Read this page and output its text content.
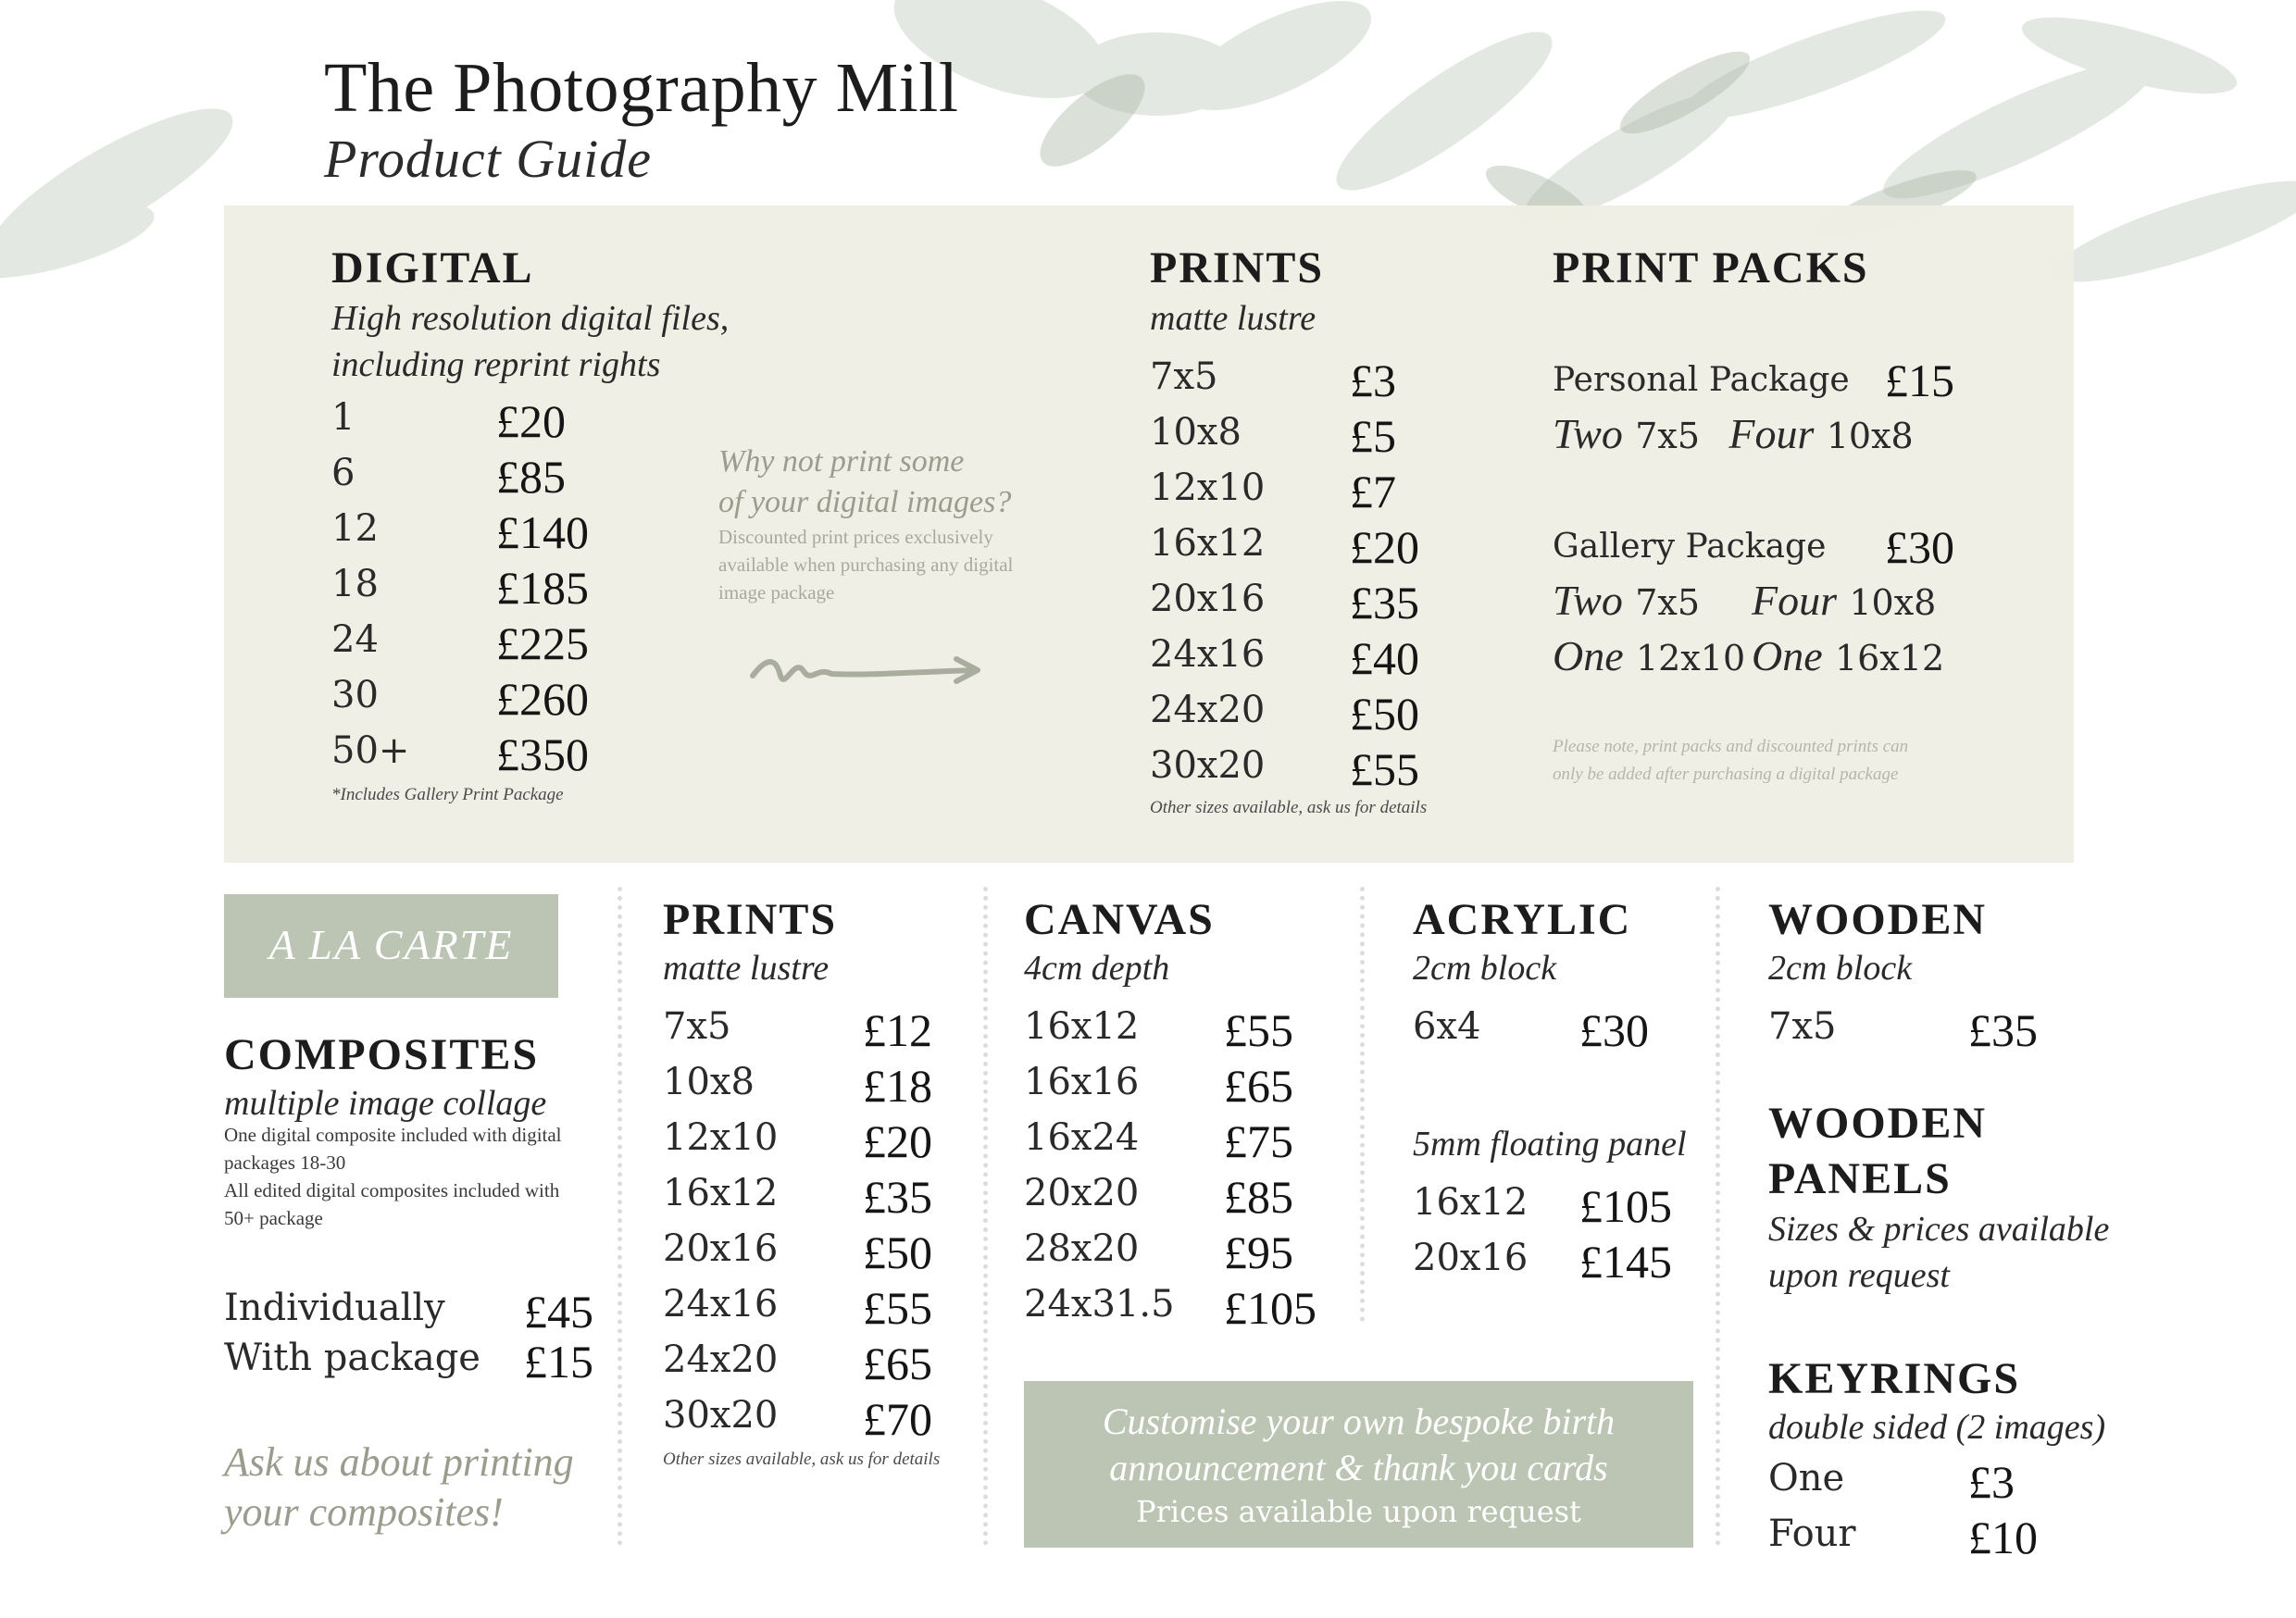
The Photography Mill
Product Guide
DIGITAL
High resolution digital files,
including reprint rights
1	£20
6	£85
12	£140
18	£185
24	£225
30	£260
50+ £350
*Includes Gallery Print Package
Why not print some
of your digital images?
Discounted print prices exclusively
available when purchasing any digital
image package
PRINTS
matte lustre
7x5	£3
10x8 £5
12x10 £7
16x12 £20
20x16 £35
24x16 £40
24x20 £50
30x20 £55
Other sizes available, ask us for details
PRINT PACKS
Personal Package £15
Two 7x5 Four 10x8
Gallery Package £30
Two 7x5 Four 10x8
One 12x10 One 16x12
Please note, print packs and discounted prints can
only be added after purchasing a digital package
A LA CARTE
COMPOSITES
multiple image collage
One digital composite included with digital
packages 18-30
All edited digital composites included with
50+ package
Individually £45
With package £15
Ask us about printing
your composites!
PRINTS
matte lustre
7x5	£12
10x8 £18
12x10 £20
16x12 £35
20x16 £50
24x16 £55
24x20 £65
30x20 £70
Other sizes available, ask us for details
CANVAS
4cm depth
16x12 £55
16x16 £65
16x24 £75
20x20 £85
28x20 £95
24x31.5 £105
ACRYLIC
2cm block
6x4 £30
5mm floating panel
16x12 £105
20x16 £145
WOODEN
2cm block
7x5	£35
WOODEN
PANELS
Sizes & prices available
upon request
KEYRINGS
double sided (2 images)
One	£3
Four £10
Customise your own bespoke birth
announcement & thank you cards
Prices available upon request
